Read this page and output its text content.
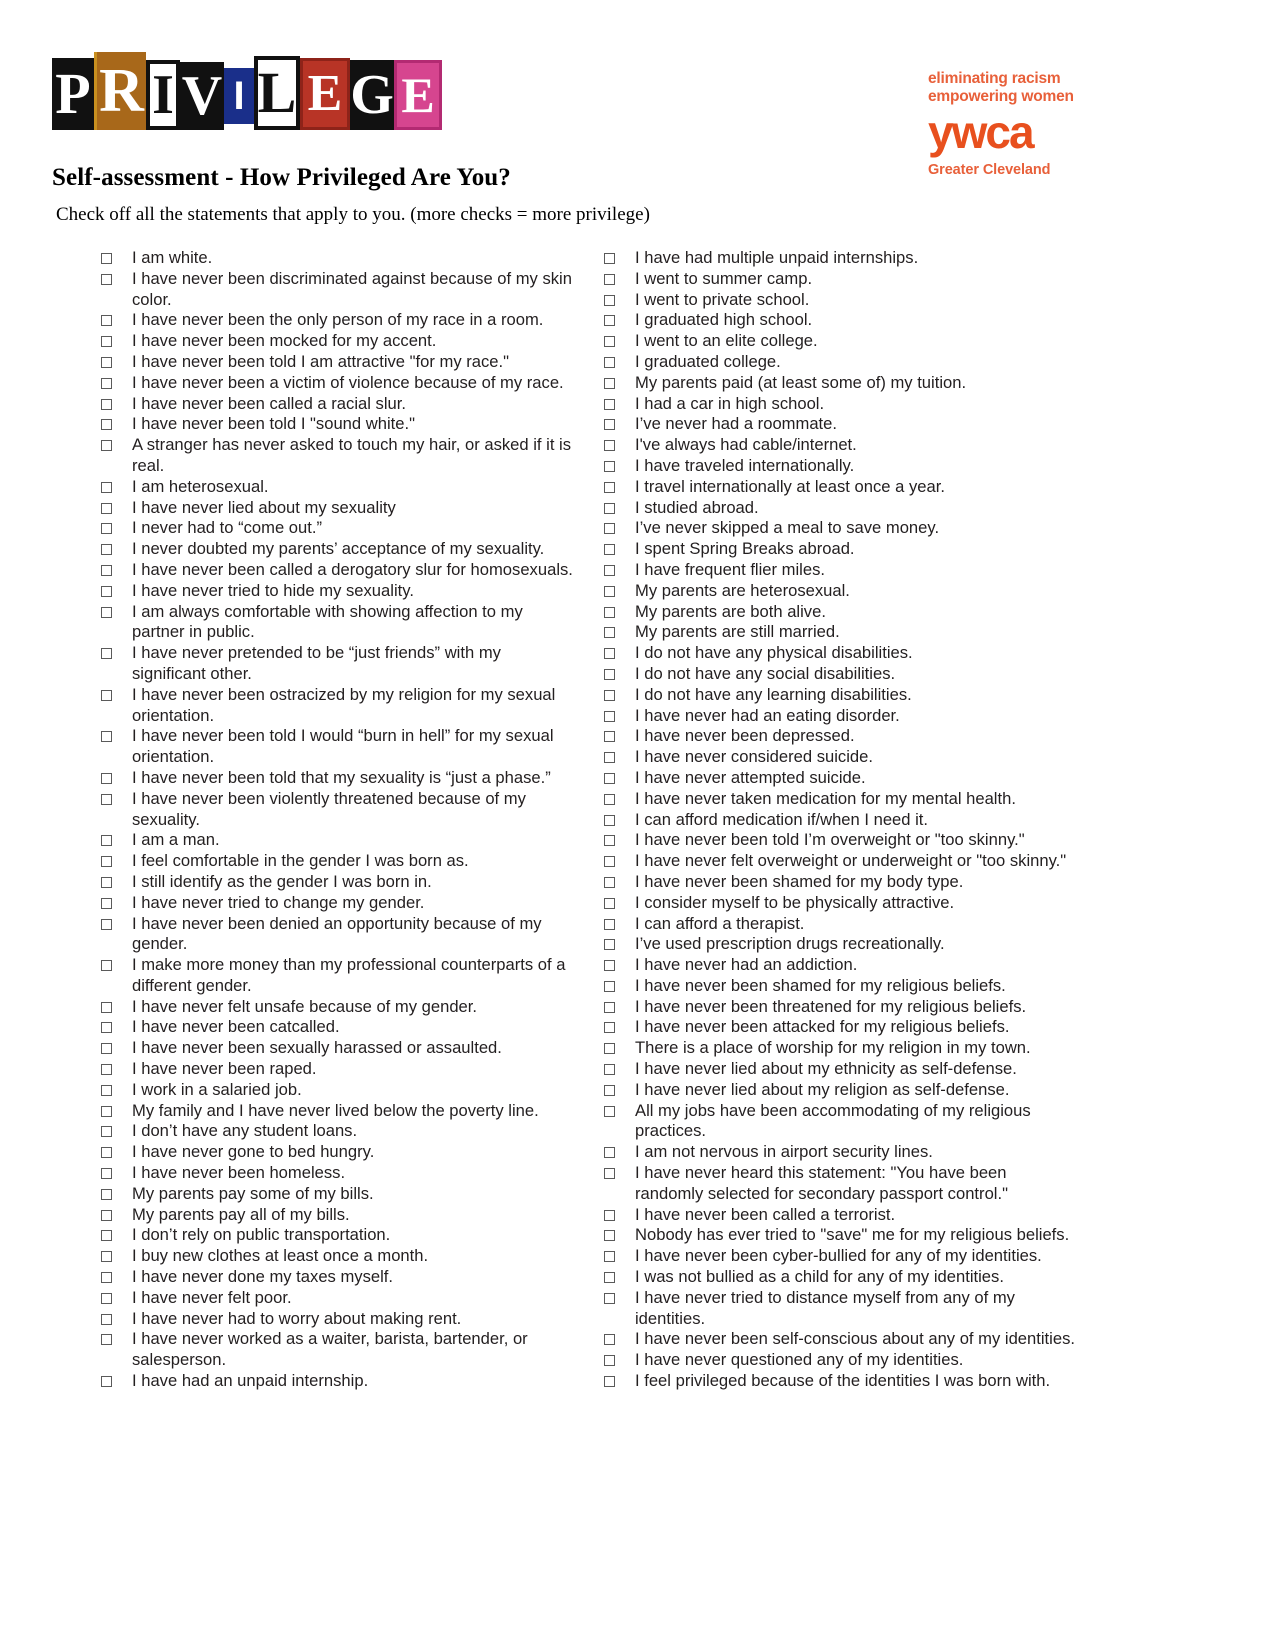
P R I V I L E G E	eliminating racism
empowering women
ywca
Greater Cleveland
Self-assessment - How Privileged Are You?
Check off all the statements that apply to you. (more checks = more privilege)
I am white.
I have never been discriminated against because of my skin color.
I have never been the only person of my race in a room.
I have never been mocked for my accent.
I have never been told I am attractive "for my race."
I have never been a victim of violence because of my race.
I have never been called a racial slur.
I have never been told I "sound white."
A stranger has never asked to touch my hair, or asked if it is real.
I am heterosexual.
I have never lied about my sexuality
I never had to “come out.”
I never doubted my parents’ acceptance of my sexuality.
I have never been called a derogatory slur for homosexuals.
I have never tried to hide my sexuality.
I am always comfortable with showing affection to my partner in public.
I have never pretended to be “just friends” with my significant other.
I have never been ostracized by my religion for my sexual orientation.
I have never been told I would “burn in hell” for my sexual orientation.
I have never been told that my sexuality is “just a phase.”
I have never been violently threatened because of my sexuality.
I am a man.
I feel comfortable in the gender I was born as.
I still identify as the gender I was born in.
I have never tried to change my gender.
I have never been denied an opportunity because of my gender.
I make more money than my professional counterparts of a different gender.
I have never felt unsafe because of my gender.
I have never been catcalled.
I have never been sexually harassed or assaulted.
I have never been raped.
I work in a salaried job.
My family and I have never lived below the poverty line.
I don’t have any student loans.
I have never gone to bed hungry.
I have never been homeless.
My parents pay some of my bills.
My parents pay all of my bills.
I don’t rely on public transportation.
I buy new clothes at least once a month.
I have never done my taxes myself.
I have never felt poor.
I have never had to worry about making rent.
I have never worked as a waiter, barista, bartender, or salesperson.
I have had an unpaid internship.
I have had multiple unpaid internships.
I went to summer camp.
I went to private school.
I graduated high school.
I went to an elite college.
I graduated college.
My parents paid (at least some of) my tuition.
I had a car in high school.
I’ve never had a roommate.
I've always had cable/internet.
I have traveled internationally.
I travel internationally at least once a year.
I studied abroad.
I’ve never skipped a meal to save money.
I spent Spring Breaks abroad.
I have frequent flier miles.
My parents are heterosexual.
My parents are both alive.
My parents are still married.
I do not have any physical disabilities.
I do not have any social disabilities.
I do not have any learning disabilities.
I have never had an eating disorder.
I have never been depressed.
I have never considered suicide.
I have never attempted suicide.
I have never taken medication for my mental health.
I can afford medication if/when I need it.
I have never been told I’m overweight or "too skinny."
I have never felt overweight or underweight or "too skinny."
I have never been shamed for my body type.
I consider myself to be physically attractive.
I can afford a therapist.
I’ve used prescription drugs recreationally.
I have never had an addiction.
I have never been shamed for my religious beliefs.
I have never been threatened for my religious beliefs.
I have never been attacked for my religious beliefs.
There is a place of worship for my religion in my town.
I have never lied about my ethnicity as self-defense.
I have never lied about my religion as self-defense.
All my jobs have been accommodating of my religious practices.
I am not nervous in airport security lines.
I have never heard this statement: "You have been randomly selected for secondary passport control."
I have never been called a terrorist.
Nobody has ever tried to "save" me for my religious beliefs.
I have never been cyber-bullied for any of my identities.
I was not bullied as a child for any of my identities.
I have never tried to distance myself from any of my identities.
I have never been self-conscious about any of my identities.
I have never questioned any of my identities.
I feel privileged because of the identities I was born with.
